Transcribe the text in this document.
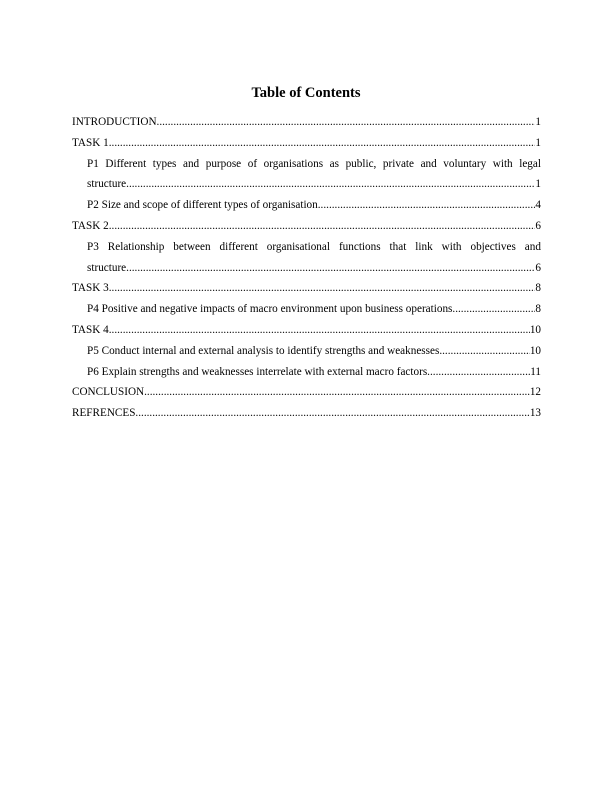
Table of Contents
INTRODUCTION .....	1
TASK 1 .....	1
P1 Different types and purpose of organisations as public, private and voluntary with legal
structure .....	1
P2 Size and scope of different types of organisation .....	4
TASK 2 .....	6
P3 Relationship between different organisational functions that link with objectives and
structure .....	6
TASK 3 .....	8
P4 Positive and negative impacts of macro environment upon business operations .....	8
TASK 4 .....	10
P5 Conduct internal and external analysis to identify strengths and weaknesses .....	10
P6 Explain strengths and weaknesses interrelate with external macro factors .....	11
CONCLUSION .....	12
REFRENCES .....	13
